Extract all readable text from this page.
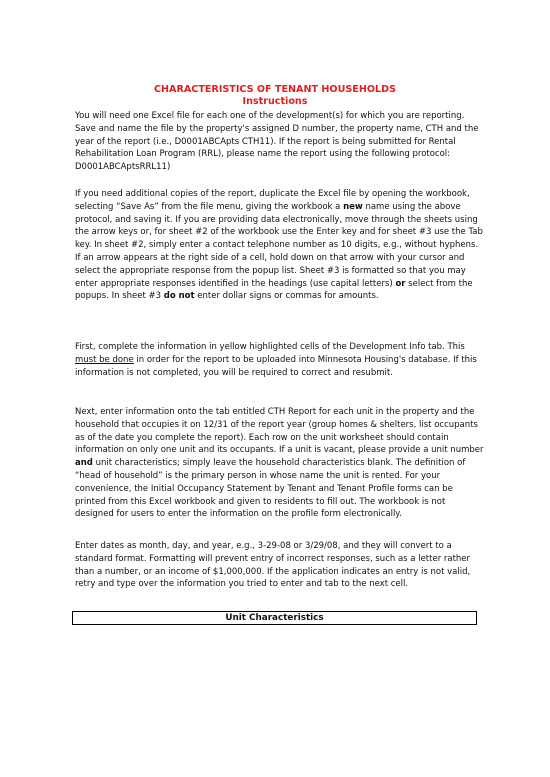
CHARACTERISTICS OF TENANT HOUSEHOLDS
Instructions

You will need one Excel file for each one of the development(s) for which you are reporting. Save and name the file by the property's assigned D number, the property name, CTH and the year of the report (i.e., D0001ABCApts CTH11). If the report is being submitted for Rental Rehabilitation Loan Program (RRL), please name the report using the following protocol: D0001ABCAptsRRL11)

If you need additional copies of the report, duplicate the Excel file by opening the workbook, selecting “Save As” from the file menu, giving the workbook a new name using the above protocol, and saving it. If you are providing data electronically, move through the sheets using the arrow keys or, for sheet #2 of the workbook use the Enter key and for sheet #3 use the Tab key. In sheet #2, simply enter a contact telephone number as 10 digits, e.g., without hyphens. If an arrow appears at the right side of a cell, hold down on that arrow with your cursor and select the appropriate response from the popup list. Sheet #3 is formatted so that you may enter appropriate responses identified in the headings (use capital letters) or select from the popups. In sheet #3 do not enter dollar signs or commas for amounts.

First, complete the information in yellow highlighted cells of the Development Info tab. This must be done in order for the report to be uploaded into Minnesota Housing's database. If this information is not completed, you will be required to correct and resubmit.

Next, enter information onto the tab entitled CTH Report for each unit in the property and the household that occupies it on 12/31 of the report year (group homes & shelters, list occupants as of the date you complete the report). Each row on the unit worksheet should contain information on only one unit and its occupants. If a unit is vacant, please provide a unit number and unit characteristics; simply leave the household characteristics blank. The definition of “head of household” is the primary person in whose name the unit is rented. For your convenience, the Initial Occupancy Statement by Tenant and Tenant Profile forms can be printed from this Excel workbook and given to residents to fill out. The workbook is not designed for users to enter the information on the profile form electronically.

Enter dates as month, day, and year, e.g., 3-29-08 or 3/29/08, and they will convert to a standard format. Formatting will prevent entry of incorrect responses, such as a letter rather than a number, or an income of $1,000,000. If the application indicates an entry is not valid, retry and type over the information you tried to enter and tab to the next cell.

Unit Characteristics
